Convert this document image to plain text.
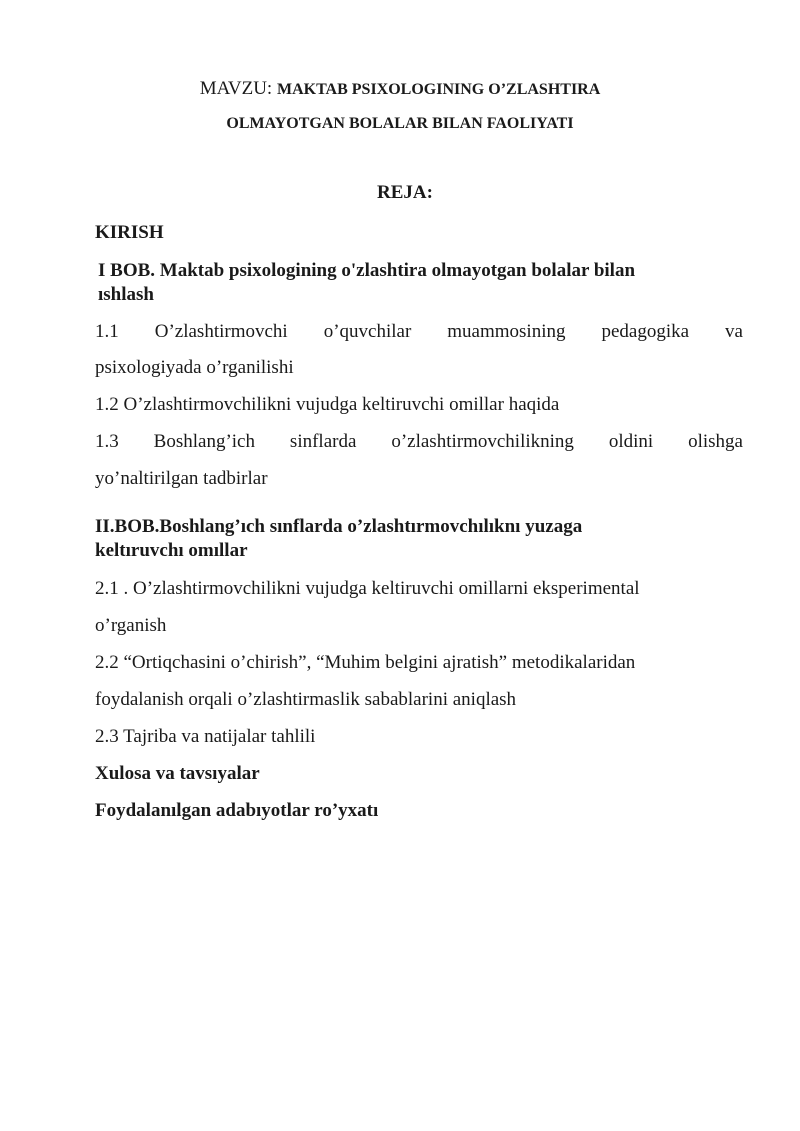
MAVZU: MAKTAB PSIXOLOGINING O’ZLASHTIRA
OLMAYOTGAN BOLALAR BILAN FAOLIYATI
REJA:
KIRISH
I BOB. Maktab psixologining o'zlashtira olmayotgan bolalar bilan
ıshlash
1.1 O’zlashtirmovchi o’quvchilar muammosining pedagogika va
psixologiyada o’rganilishi
1.2 O’zlashtirmovchilikni vujudga keltiruvchi omillar haqida
1.3 Boshlang’ich sinflarda o’zlashtirmovchilikning oldini olishga
yo’naltirilgan tadbirlar
II.BOB.Boshlang’ıch sınflarda o’zlashtırmovchılıknı yuzaga
keltıruvchı omıllar
2.1 . O’zlashtirmovchilikni vujudga keltiruvchi omillarni eksperimental
o’rganish
2.2 “Ortiqchasini o’chirish”, “Muhim belgini ajratish” metodikalaridan
foydalanish orqali o’zlashtirmaslik sabablarini aniqlash
2.3 Tajriba va natijalar tahlili
Xulosa va tavsıyalar
Foydalanılgan adabıyotlar ro’yxatı
